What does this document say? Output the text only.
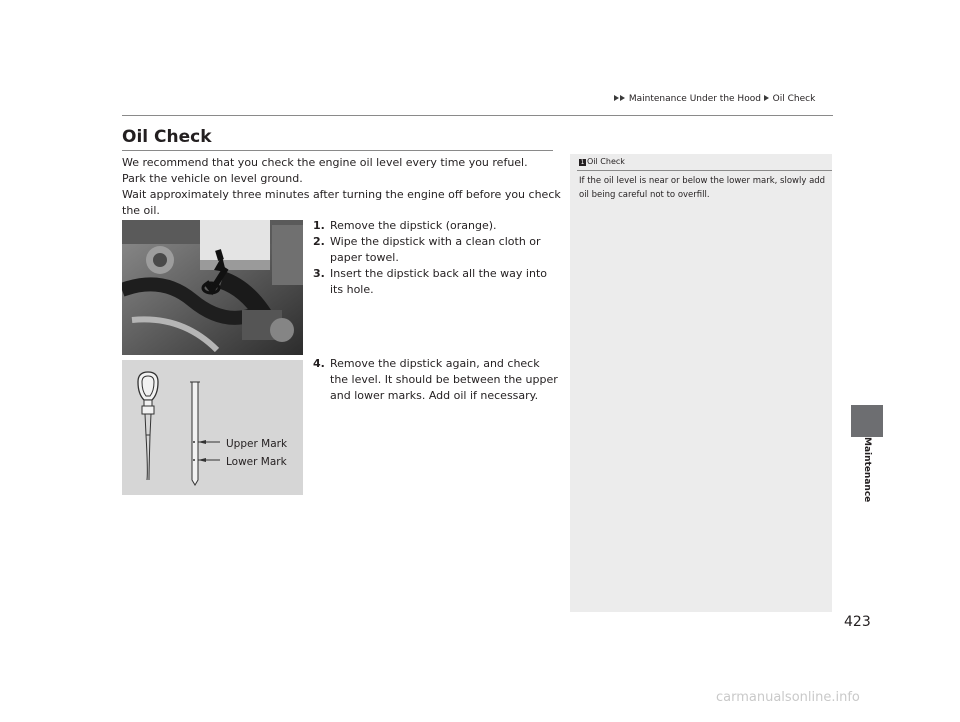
Maintenance Under the Hood Oil Check
Oil Check

We recommend that you check the engine oil level every time you refuel.

Park the vehicle on level ground.

Wait approximately three minutes after turning the engine off before you check the oil.

1. Remove the dipstick (orange).
2. Wipe the dipstick with a clean cloth or paper towel.
3. Insert the dipstick back all the way into its hole.
Upper Mark
Lower Mark
4. Remove the dipstick again, and check the level. It should be between the upper and lower marks. Add oil if necessary.
1 Oil Check
If the oil level is near or below the lower mark, slowly add oil being careful not to overfill.
Maintenance
423
carmanualsonline.info
